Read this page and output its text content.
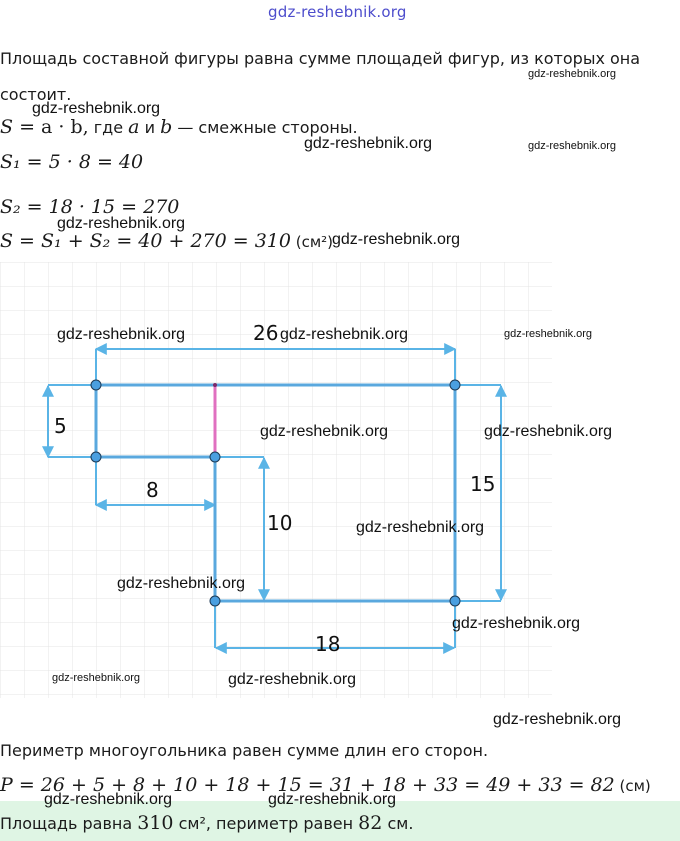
gdz-reshebnik.org
Площадь составной фигуры равна сумме площадей фигур, из которых она
состоит.
S = a · b, где a и b — смежные стороны.
S₁ = 5 · 8 = 40
S₂ = 18 · 15 = 270
S = S₁ + S₂ = 40 + 270 = 310 (см²)
26
5
8
10
15
18
Периметр многоугольника равен сумме длин его сторон.
P = 26 + 5 + 8 + 10 + 18 + 15 = 31 + 18 + 33 = 49 + 33 = 82 (см)
Площадь равна 310 см², периметр равен 82 см.
gdz-reshebnik.org
gdz-reshebnik.org
gdz-reshebnik.org	gdz-reshebnik.org
gdz-reshebnik.org
gdz-reshebnik.org
gdz-reshebnik.org	gdz-reshebnik.org	gdz-reshebnik.org
gdz-reshebnik.org	gdz-reshebnik.org
gdz-reshebnik.org
gdz-reshebnik.org
gdz-reshebnik.org
gdz-reshebnik.org	gdz-reshebnik.org
gdz-reshebnik.org
gdz-reshebnik.org	gdz-reshebnik.org
